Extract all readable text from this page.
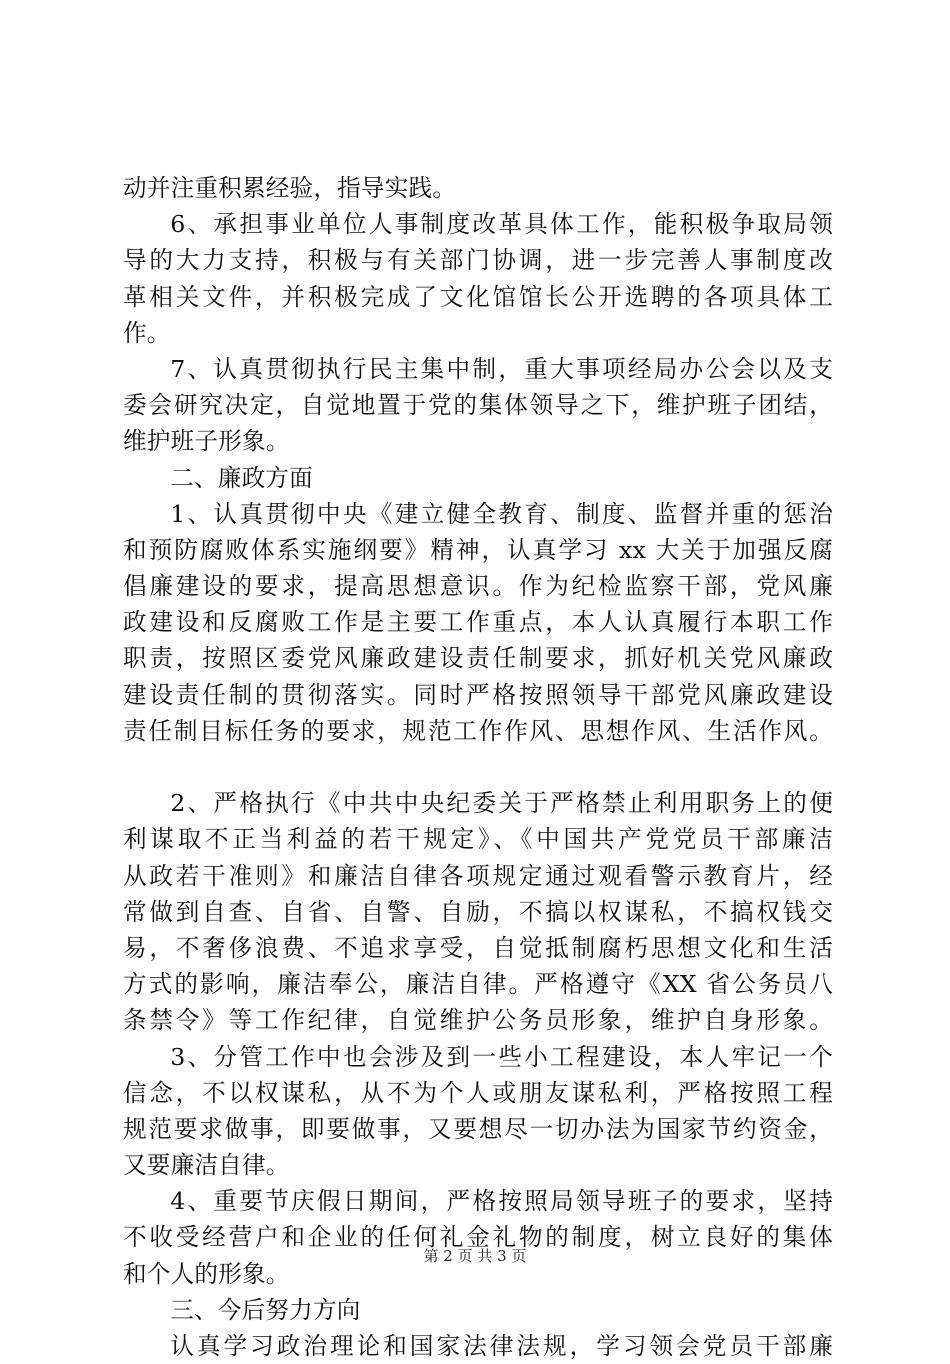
动并注重积累经验，指导实践。
6、承担事业单位人事制度改革具体工作，能积极争取局领
导的大力支持，积极与有关部门协调，进一步完善人事制度改
革相关文件，并积极完成了文化馆馆长公开选聘的各项具体工
作。
7、认真贯彻执行民主集中制，重大事项经局办公会以及支
委会研究决定，自觉地置于党的集体领导之下，维护班子团结，
维护班子形象。
二、廉政方面
1、认真贯彻中央《建立健全教育、制度、监督并重的惩治
和预防腐败体系实施纲要》精神，认真学习 xx 大关于加强反腐
倡廉建设的要求，提高思想意识。作为纪检监察干部，党风廉
政建设和反腐败工作是主要工作重点，本人认真履行本职工作
职责，按照区委党风廉政建设责任制要求，抓好机关党风廉政
建设责任制的贯彻落实。同时严格按照领导干部党风廉政建设
责任制目标任务的要求，规范工作作风、思想作风、生活作风。
2、严格执行《中共中央纪委关于严格禁止利用职务上的便
利谋取不正当利益的若干规定》、《中国共产党党员干部廉洁
从政若干准则》和廉洁自律各项规定通过观看警示教育片，经
常做到自查、自省、自警、自励，不搞以权谋私，不搞权钱交
易，不奢侈浪费、不追求享受，自觉抵制腐朽思想文化和生活
方式的影响，廉洁奉公，廉洁自律。严格遵守《XX 省公务员八
条禁令》等工作纪律，自觉维护公务员形象，维护自身形象。
3、分管工作中也会涉及到一些小工程建设，本人牢记一个
信念，不以权谋私，从不为个人或朋友谋私利，严格按照工程
规范要求做事，即要做事，又要想尽一切办法为国家节约资金，
又要廉洁自律。
4、重要节庆假日期间，严格按照局领导班子的要求，坚持
不收受经营户和企业的任何礼金礼物的制度，树立良好的集体
和个人的形象。
三、今后努力方向
认真学习政治理论和国家法律法规，学习领会党员干部廉
第 2 页 共 3 页
